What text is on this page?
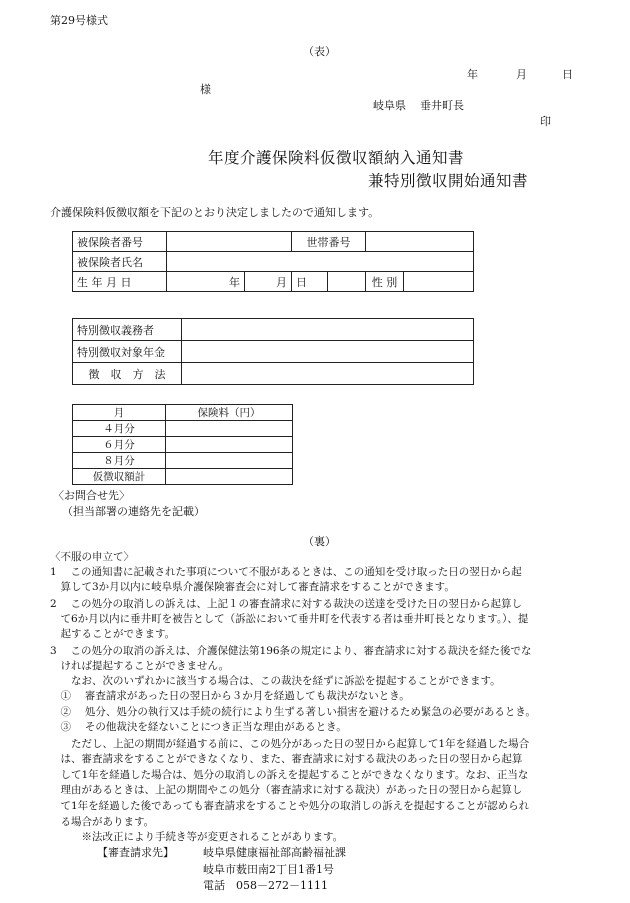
第29号様式
（表）
年	月	日
様
岐阜県 垂井町長
印
年度介護保険料仮徴収額納入通知書
兼特別徴収開始通知書
介護保険料仮徴収額を下記のとおり決定しましたので通知します。
被保険者番号			世帯番号			
被保険者氏名						
生 年 月 日	年	月	日		性 別	
特別徴収義務者	
特別徴収対象年金	
徴　収　方　法	
月	保険料（円）
４月分	
６月分	
８月分	
仮徴収額計	
〈お問合せ先〉
（担当部署の連絡先を記載）
（裏）
〈不服の申立て〉
1　 この通知書に記載された事項について不服があるときは、この通知を受け取った日の翌日から起
　算して3か月以内に岐阜県介護保険審査会に対して審査請求をすることができます。
2　 この処分の取消しの訴えは、上記１の審査請求に対する裁決の送達を受けた日の翌日から起算し
　て6か月以内に垂井町を被告として（訴訟において垂井町を代表する者は垂井町長となります。）、提
　起することができます。
3　 この処分の取消の訴えは、介護保健法第196条の規定により、審査請求に対する裁決を経た後でな
　ければ提起することができません。
　　なお、次のいずれかに該当する場合は、この裁決を経ずに訴訟を提起することができます。
　①　 審査請求があった日の翌日から３か月を経過しても裁決がないとき。
　②　 処分、処分の執行又は手続の続行により生ずる著しい損害を避けるため緊急の必要があるとき。
　③　 その他裁決を経ないことにつき正当な理由があるとき。
　　ただし、上記の期間が経過する前に、この処分があった日の翌日から起算して1年を経過した場合
　は、審査請求をすることができなくなり、また、審査請求に対する裁決のあった日の翌日から起算
　して1年を経過した場合は、処分の取消しの訴えを提起することができなくなります。なお、正当な
　理由があるときは、上記の期間やこの処分（審査請求に対する裁決）があった日の翌日から起算し
　て1年を経過した後であっても審査請求をすることや処分の取消しの訴えを提起することが認められ
　る場合があります。
　　　※法改正により手続き等が変更されることがあります。
【審査請求先】	岐阜県健康福祉部高齢福祉課
岐阜市薮田南2丁目1番1号
電話　058－272－1111
